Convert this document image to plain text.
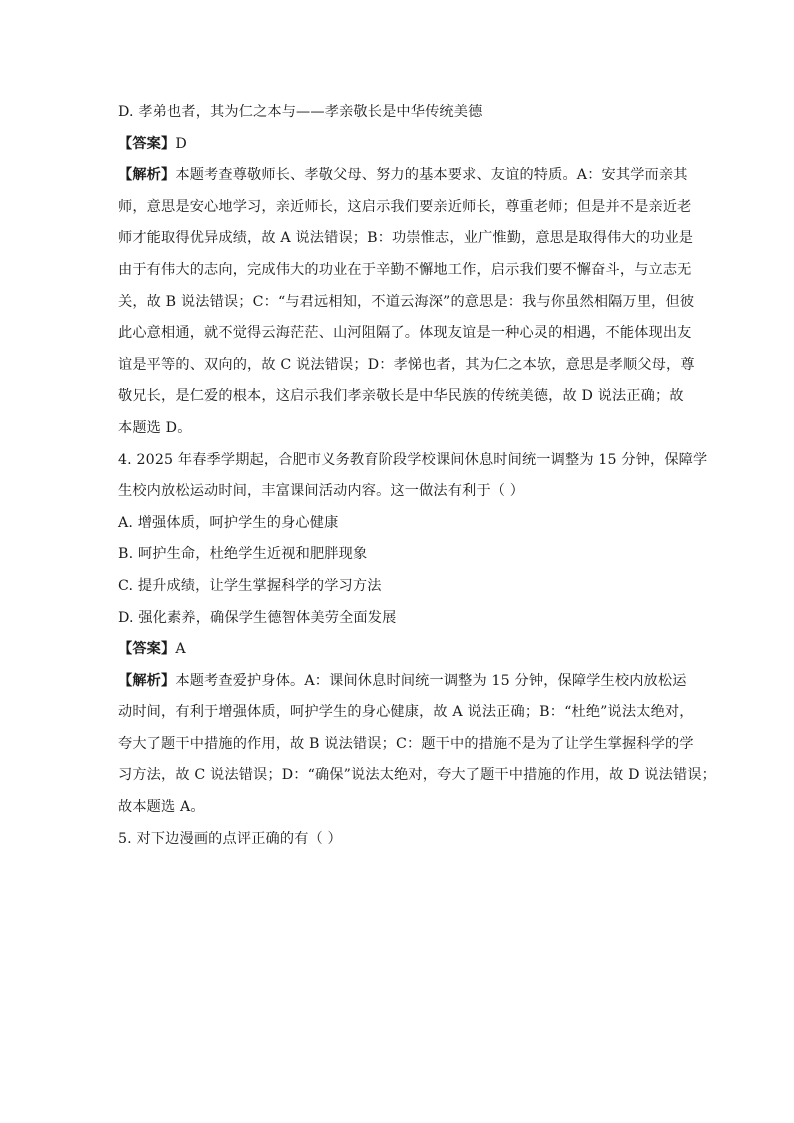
D. 孝弟也者，其为仁之本与——孝亲敬长是中华传统美德
【答案】D
【解析】本题考查尊敬师长、孝敬父母、努力的基本要求、友谊的特质。A：安其学而亲其
师，意思是安心地学习，亲近师长，这启示我们要亲近师长，尊重老师；但是并不是亲近老
师才能取得优异成绩，故 A 说法错误；B：功崇惟志，业广惟勤，意思是取得伟大的功业是
由于有伟大的志向，完成伟大的功业在于辛勤不懈地工作，启示我们要不懈奋斗，与立志无
关，故 B 说法错误；C：“与君远相知，不道云海深”的意思是：我与你虽然相隔万里，但彼
此心意相通，就不觉得云海茫茫、山河阻隔了。体现友谊是一种心灵的相遇，不能体现出友
谊是平等的、双向的，故 C 说法错误；D：孝悌也者，其为仁之本欤，意思是孝顺父母，尊
敬兄长，是仁爱的根本，这启示我们孝亲敬长是中华民族的传统美德，故 D 说法正确；故
本题选 D。
4. 2025 年春季学期起，合肥市义务教育阶段学校课间休息时间统一调整为 15 分钟，保障学
生校内放松运动时间，丰富课间活动内容。这一做法有利于（ ）
A. 增强体质，呵护学生的身心健康
B. 呵护生命，杜绝学生近视和肥胖现象
C. 提升成绩，让学生掌握科学的学习方法
D. 强化素养，确保学生德智体美劳全面发展
【答案】A
【解析】本题考查爱护身体。A：课间休息时间统一调整为 15 分钟，保障学生校内放松运
动时间，有利于增强体质，呵护学生的身心健康，故 A 说法正确；B：“杜绝”说法太绝对，
夸大了题干中措施的作用，故 B 说法错误；C：题干中的措施不是为了让学生掌握科学的学
习方法，故 C 说法错误；D：“确保”说法太绝对，夸大了题干中措施的作用，故 D 说法错误；
故本题选 A。
5. 对下边漫画的点评正确的有（ ）
